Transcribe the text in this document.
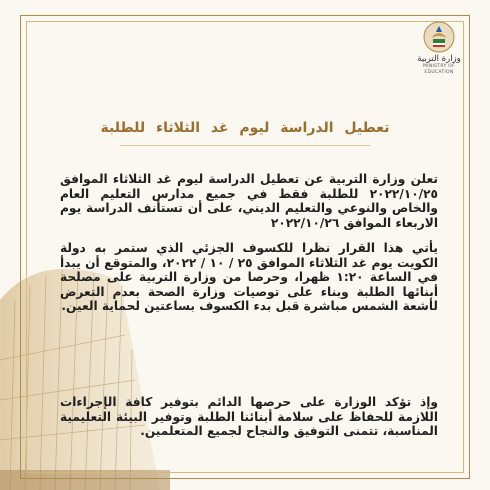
وزارة التربية
MINISTRY OF EDUCATION
تعطيل الدراسة ليوم غد الثلاثاء للطلبة
تعلن وزارة التربية عن تعطيل الدراسة ليوم غد الثلاثاء الموافق ٢٠٢٢/١٠/٢٥ للطلبة فقط في جميع مدارس التعليم العام والخاص والنوعي والتعليم الديني، على أن تستأنف الدراسة يوم الاربعاء الموافق ٢٠٢٢/١٠/٢٦
يأتي هذا القرار نظرا للكسوف الجزئي الذي ستمر به دولة الكويت يوم غد الثلاثاء الموافق ٢٥ / ١٠ / ٢٠٢٢، والمتوقع أن يبدأ في الساعة ١:٢٠ ظهرا، وحرصا من وزارة التربية على مصلحة أبنائها الطلبة وبناء على توصيات وزارة الصحة بعدم التعرض لأشعة الشمس مباشرة قبل بدء الكسوف بساعتين لحماية العين.
وإذ تؤكد الوزارة على حرصها الدائم بتوفير كافة الإجراءات اللازمة للحفاظ على سلامة أبنائنا الطلبة وتوفير البيئة التعليمية المناسبة، تتمنى التوفيق والنجاح لجميع المتعلمين.
